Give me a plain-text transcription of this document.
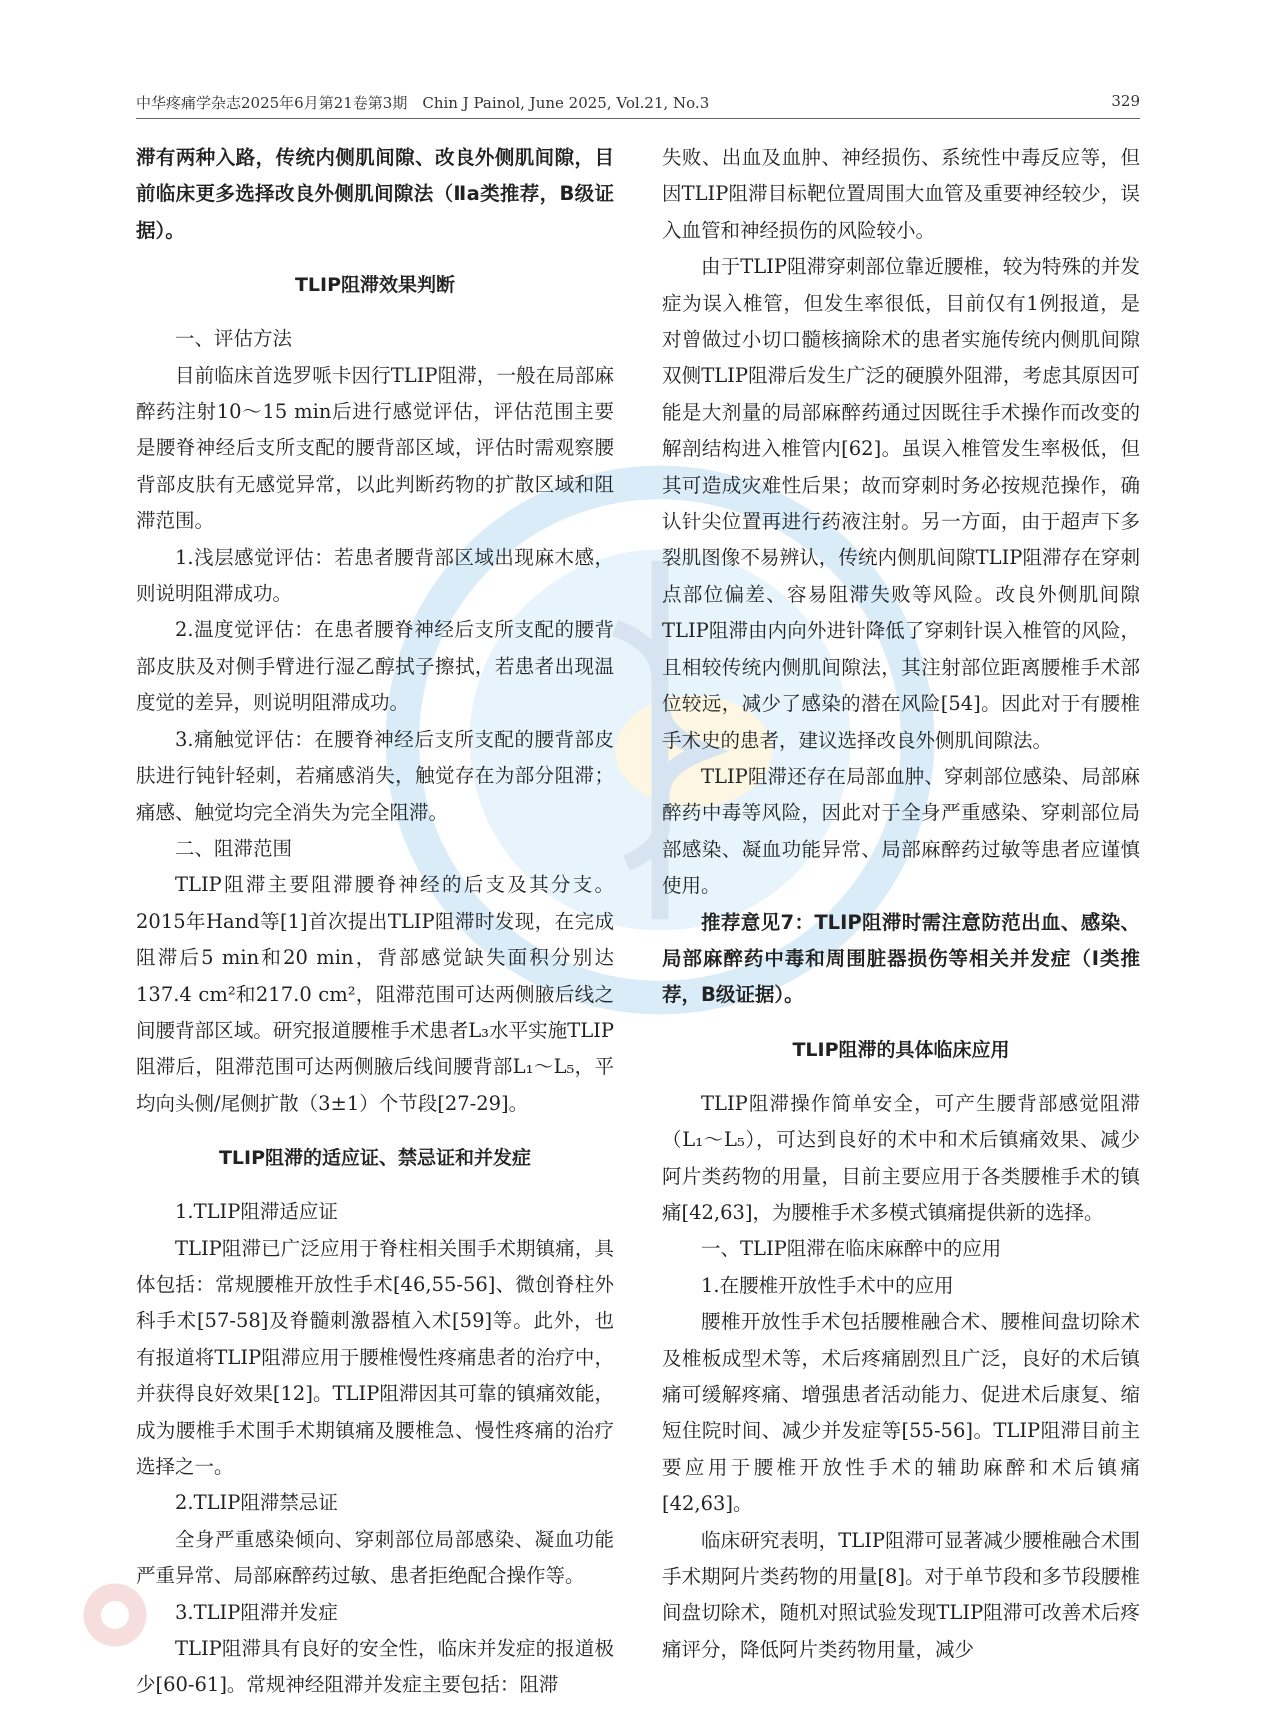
中华疼痛学杂志2025年6月第21卷第3期　Chin J Painol, June 2025, Vol.21, No.3	329

滞有两种入路，传统内侧肌间隙、改良外侧肌间隙，目前临床更多选择改良外侧肌间隙法（Ⅱa类推荐，B级证据）。

TLIP阻滞效果判断

一、评估方法

目前临床首选罗哌卡因行TLIP阻滞，一般在局部麻醉药注射10～15 min后进行感觉评估，评估范围主要是腰脊神经后支所支配的腰背部区域，评估时需观察腰背部皮肤有无感觉异常，以此判断药物的扩散区域和阻滞范围。

1.浅层感觉评估：若患者腰背部区域出现麻木感，则说明阻滞成功。

2.温度觉评估：在患者腰脊神经后支所支配的腰背部皮肤及对侧手臂进行湿乙醇拭子擦拭，若患者出现温度觉的差异，则说明阻滞成功。

3.痛触觉评估：在腰脊神经后支所支配的腰背部皮肤进行钝针轻刺，若痛感消失，触觉存在为部分阻滞；痛感、触觉均完全消失为完全阻滞。

二、阻滞范围

TLIP阻滞主要阻滞腰脊神经的后支及其分支。2015年Hand等[1]首次提出TLIP阻滞时发现，在完成阻滞后5 min和20 min，背部感觉缺失面积分别达137.4 cm²和217.0 cm²，阻滞范围可达两侧腋后线之间腰背部区域。研究报道腰椎手术患者L₃水平实施TLIP阻滞后，阻滞范围可达两侧腋后线间腰背部L₁～L₅，平均向头侧/尾侧扩散（3±1）个节段[27-29]。

TLIP阻滞的适应证、禁忌证和并发症

1.TLIP阻滞适应证

TLIP阻滞已广泛应用于脊柱相关围手术期镇痛，具体包括：常规腰椎开放性手术[46,55-56]、微创脊柱外科手术[57-58]及脊髓刺激器植入术[59]等。此外，也有报道将TLIP阻滞应用于腰椎慢性疼痛患者的治疗中，并获得良好效果[12]。TLIP阻滞因其可靠的镇痛效能，成为腰椎手术围手术期镇痛及腰椎急、慢性疼痛的治疗选择之一。

2.TLIP阻滞禁忌证

全身严重感染倾向、穿刺部位局部感染、凝血功能严重异常、局部麻醉药过敏、患者拒绝配合操作等。

3.TLIP阻滞并发症

TLIP阻滞具有良好的安全性，临床并发症的报道极少[60-61]。常规神经阻滞并发症主要包括：阻滞

失败、出血及血肿、神经损伤、系统性中毒反应等，但因TLIP阻滞目标靶位置周围大血管及重要神经较少，误入血管和神经损伤的风险较小。

由于TLIP阻滞穿刺部位靠近腰椎，较为特殊的并发症为误入椎管，但发生率很低，目前仅有1例报道，是对曾做过小切口髓核摘除术的患者实施传统内侧肌间隙双侧TLIP阻滞后发生广泛的硬膜外阻滞，考虑其原因可能是大剂量的局部麻醉药通过因既往手术操作而改变的解剖结构进入椎管内[62]。虽误入椎管发生率极低，但其可造成灾难性后果；故而穿刺时务必按规范操作，确认针尖位置再进行药液注射。另一方面，由于超声下多裂肌图像不易辨认，传统内侧肌间隙TLIP阻滞存在穿刺点部位偏差、容易阻滞失败等风险。改良外侧肌间隙TLIP阻滞由内向外进针降低了穿刺针误入椎管的风险，且相较传统内侧肌间隙法，其注射部位距离腰椎手术部位较远，减少了感染的潜在风险[54]。因此对于有腰椎手术史的患者，建议选择改良外侧肌间隙法。

TLIP阻滞还存在局部血肿、穿刺部位感染、局部麻醉药中毒等风险，因此对于全身严重感染、穿刺部位局部感染、凝血功能异常、局部麻醉药过敏等患者应谨慎使用。

推荐意见7：TLIP阻滞时需注意防范出血、感染、局部麻醉药中毒和周围脏器损伤等相关并发症（Ⅰ类推荐，B级证据）。

TLIP阻滞的具体临床应用

TLIP阻滞操作简单安全，可产生腰背部感觉阻滞（L₁～L₅），可达到良好的术中和术后镇痛效果、减少阿片类药物的用量，目前主要应用于各类腰椎手术的镇痛[42,63]，为腰椎手术多模式镇痛提供新的选择。

一、TLIP阻滞在临床麻醉中的应用

1.在腰椎开放性手术中的应用

腰椎开放性手术包括腰椎融合术、腰椎间盘切除术及椎板成型术等，术后疼痛剧烈且广泛，良好的术后镇痛可缓解疼痛、增强患者活动能力、促进术后康复、缩短住院时间、减少并发症等[55-56]。TLIP阻滞目前主要应用于腰椎开放性手术的辅助麻醉和术后镇痛[42,63]。

临床研究表明，TLIP阻滞可显著减少腰椎融合术围手术期阿片类药物的用量[8]。对于单节段和多节段腰椎间盘切除术，随机对照试验发现TLIP阻滞可改善术后疼痛评分，降低阿片类药物用量，减少
